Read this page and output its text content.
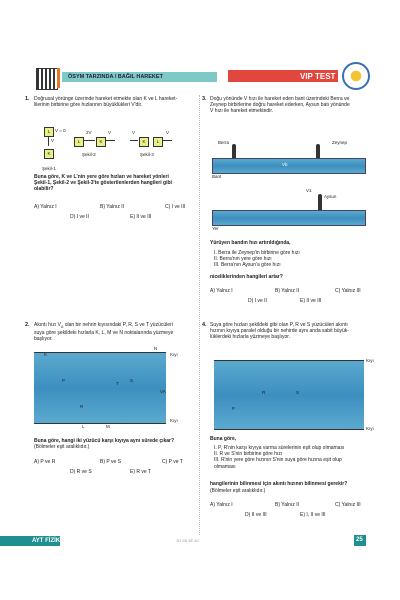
ÖSYM TARZINDA / BAĞIL HAREKET	VIP TEST 1
1. Doğrusal yörünge üzerinde hareket etmekte olan K ve L hareket-
lilerinin birbirine göre hızlarının büyüklükleri V'dir.
L	V = 0
V
K
Şekil-1
L
2V
K
V
Şekil-2
V
K	L
V
Şekil-3
Buna göre, K ve L'nin yere göre hızları ve hareket yönleri
Şekil-1, Şekil-2 ve Şekil-3'te gösterilenlerden hangileri gibi
olabilir?
A) Yalnız I	B) Yalnız II	C) I ve III
D) I ve II	E) II ve III
2. Akıntı hızı $V_A$ olan bir nehrin kıyısındaki P, R, S ve T yüzücüleri
suya göre şekildeki hızlarla K, L, M ve N noktalarında yüzmeye
başlıyor.
K
N
Kıyı
P
T
S
VA
R
Kıyı
L	M
Buna göre, hangi iki yüzücü karşı kıyıya aynı sürede çıkar?
(Bölmeler eşit aralıklıdır.)
A) P ve R	B) P ve S	C) P ve T
D) R ve S	E) R ve T
3. Doğu yönünde V hızı ile hareket eden bant üzerindeki Berra ve
Zeynep birbirlerine doğru hareket ederken, Aysun batı yönünde
V hızı ile hareket etmektedir.
Berra	Zeynep
Vb
Bant
V1
Aysun
Yer
Yürüyen bandın hızı artırıldığında,
I. Berra ile Zeynep'in birbirine göre hızı
II. Berra'nın yere göre hızı
III. Berra'nın Aysun'a göre hızı
niceliklerinden hangileri artar?
A) Yalnız I	B) Yalnız II	C) Yalnız III
D) I ve II	E) II ve III
4. Suya göre hızları şekildeki gibi olan P, R ve S yüzücüleri akıntı
hızının kıyıya paralel olduğu bir nehirde aynı anda sabit büyük-
lüklerdeki hızlarla yüzmeye başlıyor.
Kıyı
R	S
P
Kıyı
Buna göre,
I. P, R'nin karşı kıyıya varma sürelerinin eşit olup olmaması
II. R ve S'nin birbirine göre hızı
III. R'nin yere göre hızının S'nin suya göre hızına eşit olup
olmaması
hangilerinin bilinmesi için akıntı hızının bilinmesi gerekir?
(Bölmeler eşit aralıklıdır.)
A) Yalnız I	B) Yalnız II	C) Yalnız III
D) II ve III	E) I, II ve III
AYT FİZİK	1D 2B 3E 4C	25
